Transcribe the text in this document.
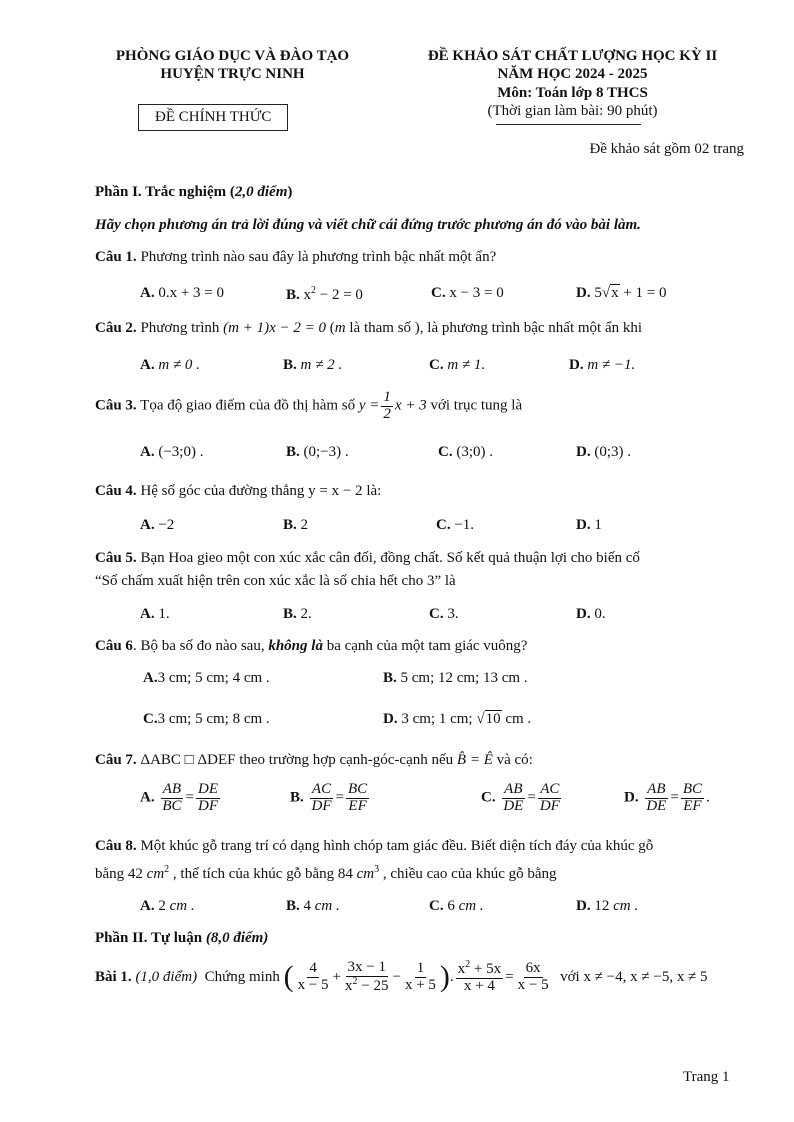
PHÒNG GIÁO DỤC VÀ ĐÀO TẠO
HUYỆN TRỰC NINH
ĐỀ CHÍNH THỨC
ĐỀ KHẢO SÁT CHẤT LƯỢNG HỌC KỲ II
NĂM HỌC 2024 - 2025
Môn: Toán lớp 8 THCS
(Thời gian làm bài: 90 phút)
Đề khảo sát gồm 02 trang
Phần I. Trắc nghiệm (2,0 điểm)
Hãy chọn phương án trả lời đúng và viết chữ cái đứng trước phương án đó vào bài làm.
Câu 1. Phương trình nào sau đây là phương trình bậc nhất một ẩn?
A. 0.x + 3 = 0	B. $x^2 - 2 = 0$	C. x − 3 = 0	D. 5√x + 1 = 0
Câu 2. Phương trình (m + 1)x − 2 = 0 (m là tham số ), là phương trình bậc nhất một ẩn khi
A. m ≠ 0 .	B. m ≠ 2 .	C. m ≠ 1.	D. m ≠ −1.
Câu 3. Tọa độ giao điểm của đồ thị hàm số $y = \frac{1}{2}$ x + 3 với trục tung là
A. (−3;0) .	B. (0;−3) .	C. (3;0) .	D. (0;3) .
Câu 4. Hệ số góc của đường thẳng y = x − 2 là:
A. −2	B. 2	C. −1.	D. 1
Câu 5. Bạn Hoa gieo một con xúc xắc cân đối, đồng chất. Số kết quả thuận lợi cho biến cố
“Số chấm xuất hiện trên con xúc xắc là số chia hết cho 3” là
A. 1.	B. 2.	C. 3.	D. 0.
Câu 6. Bộ ba số đo nào sau, không là ba cạnh của một tam giác vuông?
A.3 cm; 5 cm; 4 cm .	B. 5 cm; 12 cm; 13 cm .
C.3 cm; 5 cm; 8 cm .	D. 3 cm; 1 cm; √10 cm .
Câu 7. ΔABC □ ΔDEF theo trường hợp cạnh-góc-cạnh nếu B̂ = Ê và có:
A. $\frac{AB}{BC} = \frac{DE}{DF}$	B. $\frac{AC}{DF} = \frac{BC}{EF}$	C. $\frac{AB}{DE} = \frac{AC}{DF}$	D. $\frac{AB}{DE} = \frac{BC}{EF}$ .
Câu 8. Một khúc gỗ trang trí có dạng hình chóp tam giác đều. Biết diện tích đáy của khúc gỗ
bằng 42 $cm^2$ , thể tích của khúc gỗ bằng 84 $cm^3$ , chiều cao của khúc gỗ bằng
A. 2 cm .	B. 4 cm .	C. 6 cm .	D. 12 cm .
Phần II. Tự luận (8,0 điểm)
Bài 1. (1,0 điểm) Chứng minh ( $\frac{4}{x - 5} + \frac{3x - 1}{x^2 - 25} - \frac{1}{x + 5}$ ) . $\frac{x^2 + 5x}{x + 4} = \frac{6x}{x - 5}$ với x ≠ −4, x ≠ −5, x ≠ 5
Trang 1
